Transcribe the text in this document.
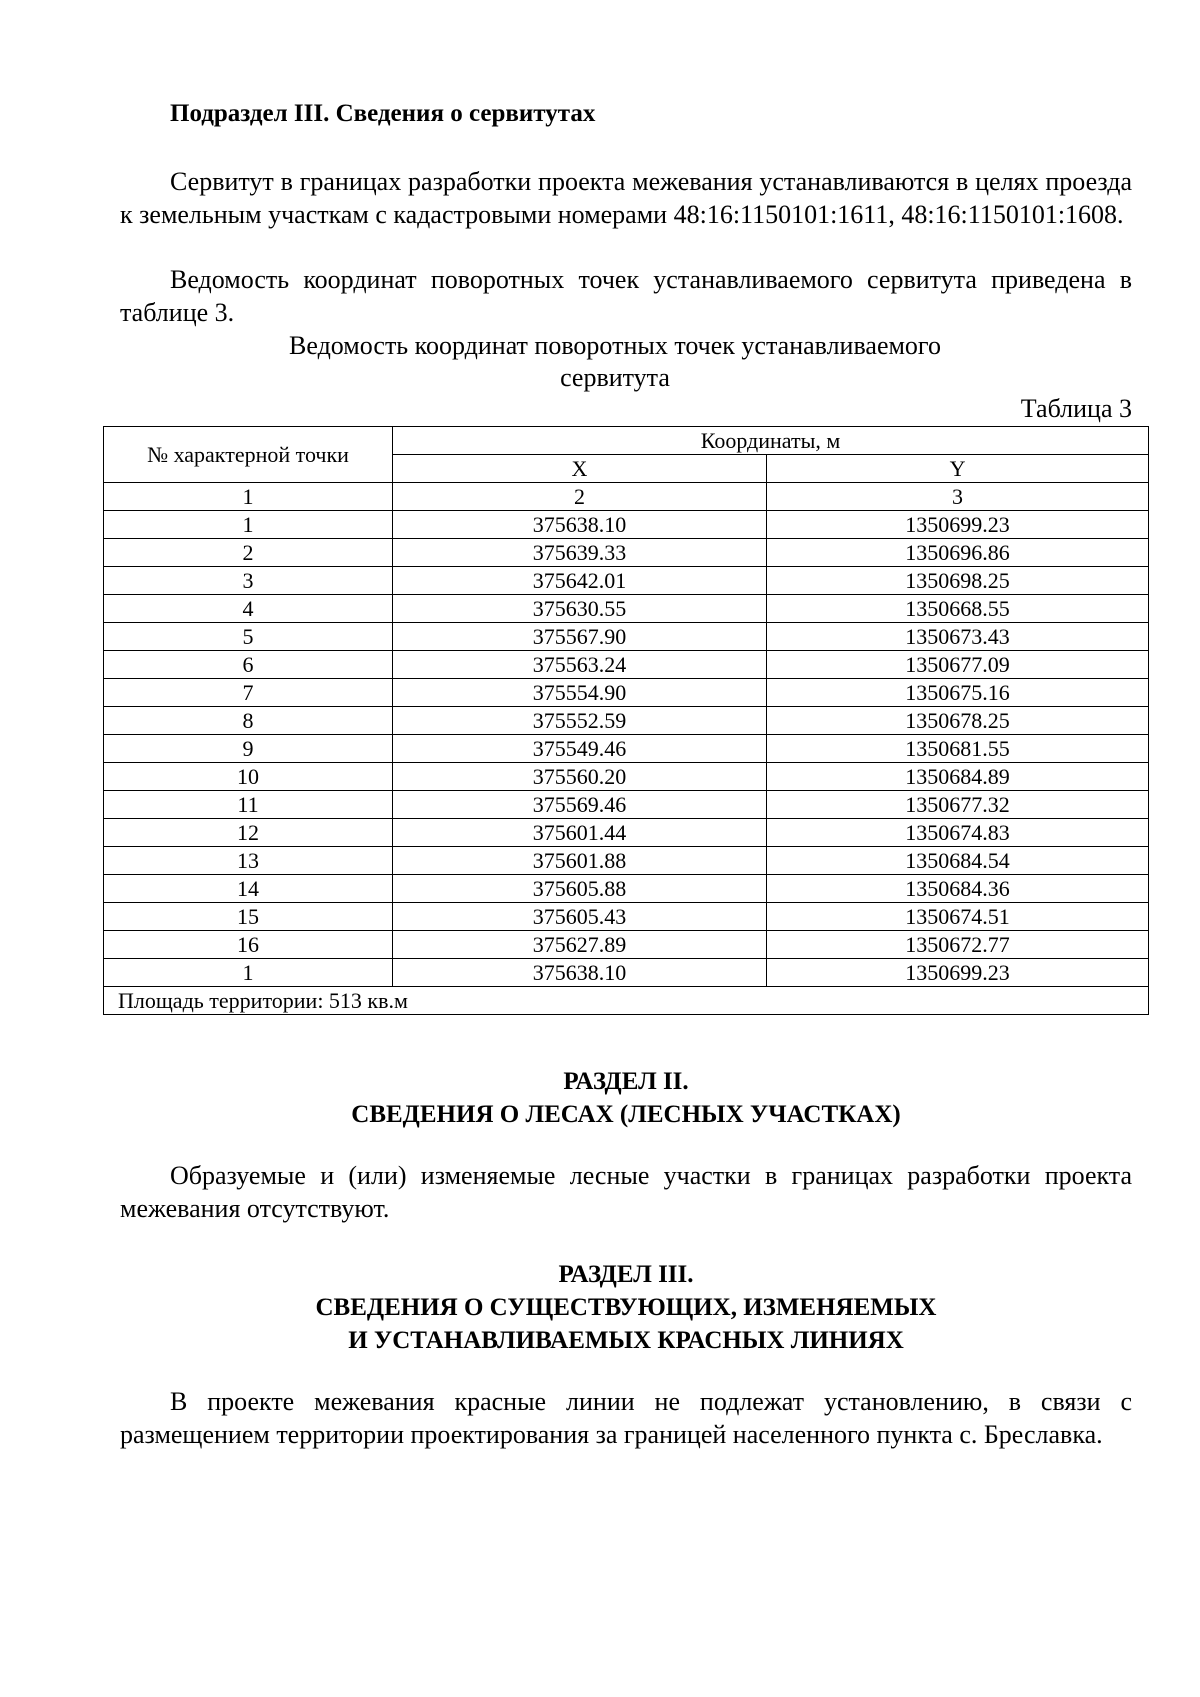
Подраздел III. Сведения о сервитутах

Сервитут в границах разработки проекта межевания устанавливаются в целях проезда к земельным участкам с кадастровыми номерами 48:16:1150101:1611, 48:16:1150101:1608.

Ведомость координат поворотных точек устанавливаемого сервитута приведена в таблице 3.

Ведомость координат поворотных точек устанавливаемого
сервитута

Таблица 3

№ характерной точки	Координаты, м	
	X	Y
1	2	3
1	375638.10	1350699.23
2	375639.33	1350696.86
3	375642.01	1350698.25
4	375630.55	1350668.55
5	375567.90	1350673.43
6	375563.24	1350677.09
7	375554.90	1350675.16
8	375552.59	1350678.25
9	375549.46	1350681.55
10	375560.20	1350684.89
11	375569.46	1350677.32
12	375601.44	1350674.83
13	375601.88	1350684.54
14	375605.88	1350684.36
15	375605.43	1350674.51
16	375627.89	1350672.77
1	375638.10	1350699.23
Площадь территории: 513 кв.м		
РАЗДЕЛ II.
СВЕДЕНИЯ О ЛЕСАХ (ЛЕСНЫХ УЧАСТКАХ)

Образуемые и (или) изменяемые лесные участки в границах разработки проекта межевания отсутствуют.

РАЗДЕЛ III.
СВЕДЕНИЯ О СУЩЕСТВУЮЩИХ, ИЗМЕНЯЕМЫХ
И УСТАНАВЛИВАЕМЫХ КРАСНЫХ ЛИНИЯХ

В проекте межевания красные линии не подлежат установлению, в связи с размещением территории проектирования за границей населенного пункта с. Бреславка.
